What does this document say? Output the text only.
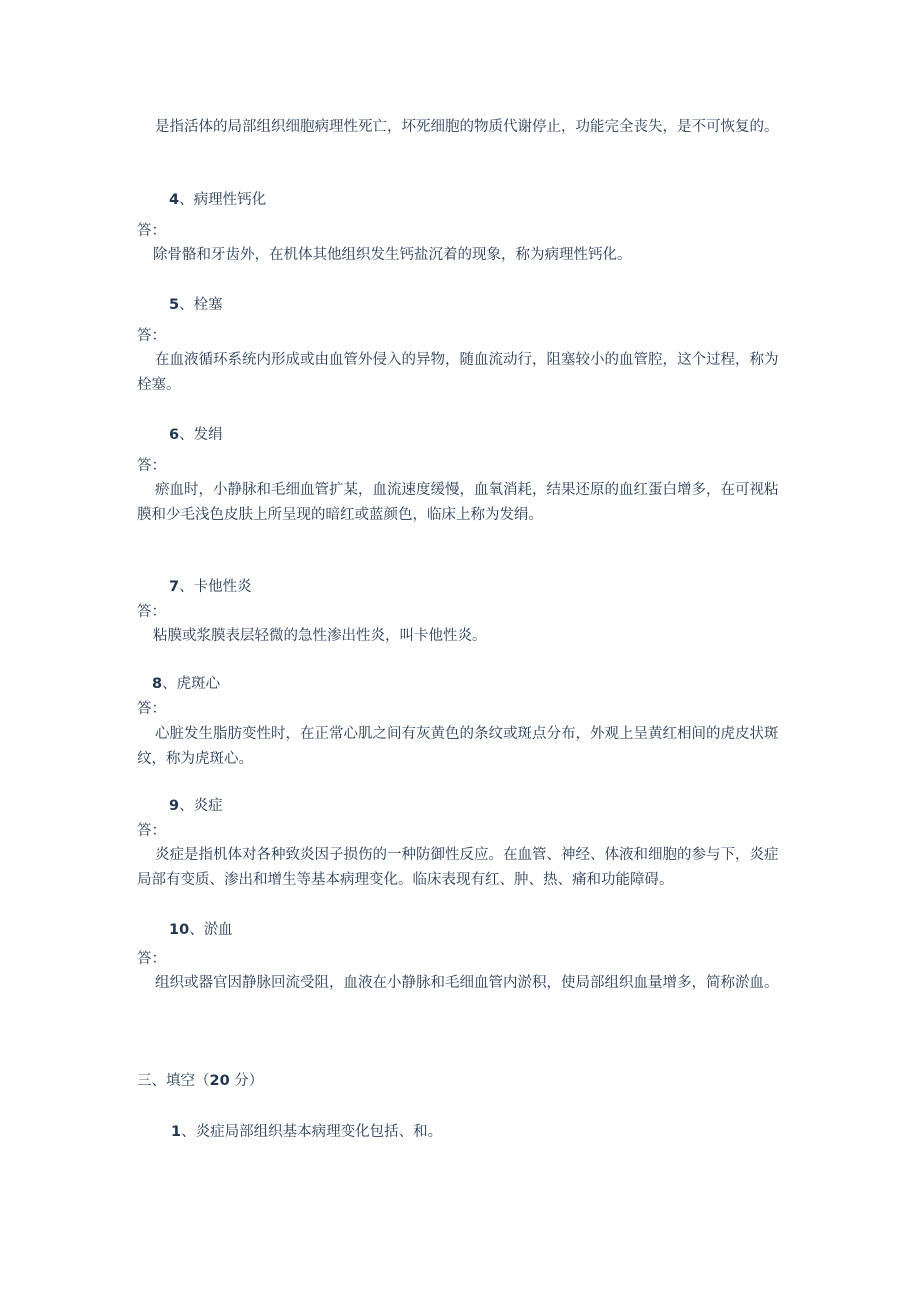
是指活体的局部组织细胞病理性死亡，坏死细胞的物质代谢停止，功能完全丧失，是不可恢复的。
4、病理性钙化
答：
除骨骼和牙齿外，在机体其他组织发生钙盐沉着的现象，称为病理性钙化。
5、栓塞
答：
在血液循环系统内形成或由血管外侵入的异物，随血流动行，阻塞较小的血管腔，这个过程，称为栓塞。
6、发绢
答：
瘀血时，小静脉和毛细血管扩某，血流速度缓慢，血氧消耗，结果还原的血红蛋白增多，在可视粘膜和少毛浅色皮肤上所呈现的暗红或蓝颜色，临床上称为发绢。
7、卡他性炎
答：
粘膜或浆膜表层轻微的急性渗出性炎，叫卡他性炎。
8、虎斑心
答：
心脏发生脂肪变性时，在正常心肌之间有灰黄色的条纹或斑点分布，外观上呈黄红相间的虎皮状斑纹，称为虎斑心。
9、炎症
答：
炎症是指机体对各种致炎因子损伤的一种防御性反应。在血管、神经、体液和细胞的参与下，炎症局部有变质、渗出和增生等基本病理变化。临床表现有红、肿、热、痛和功能障碍。
10、淤血
答：
组织或器官因静脉回流受阻，血液在小静脉和毛细血管内淤积，使局部组织血量增多，简称淤血。
三、填空（20 分）
1、炎症局部组织基本病理变化包括、和。
